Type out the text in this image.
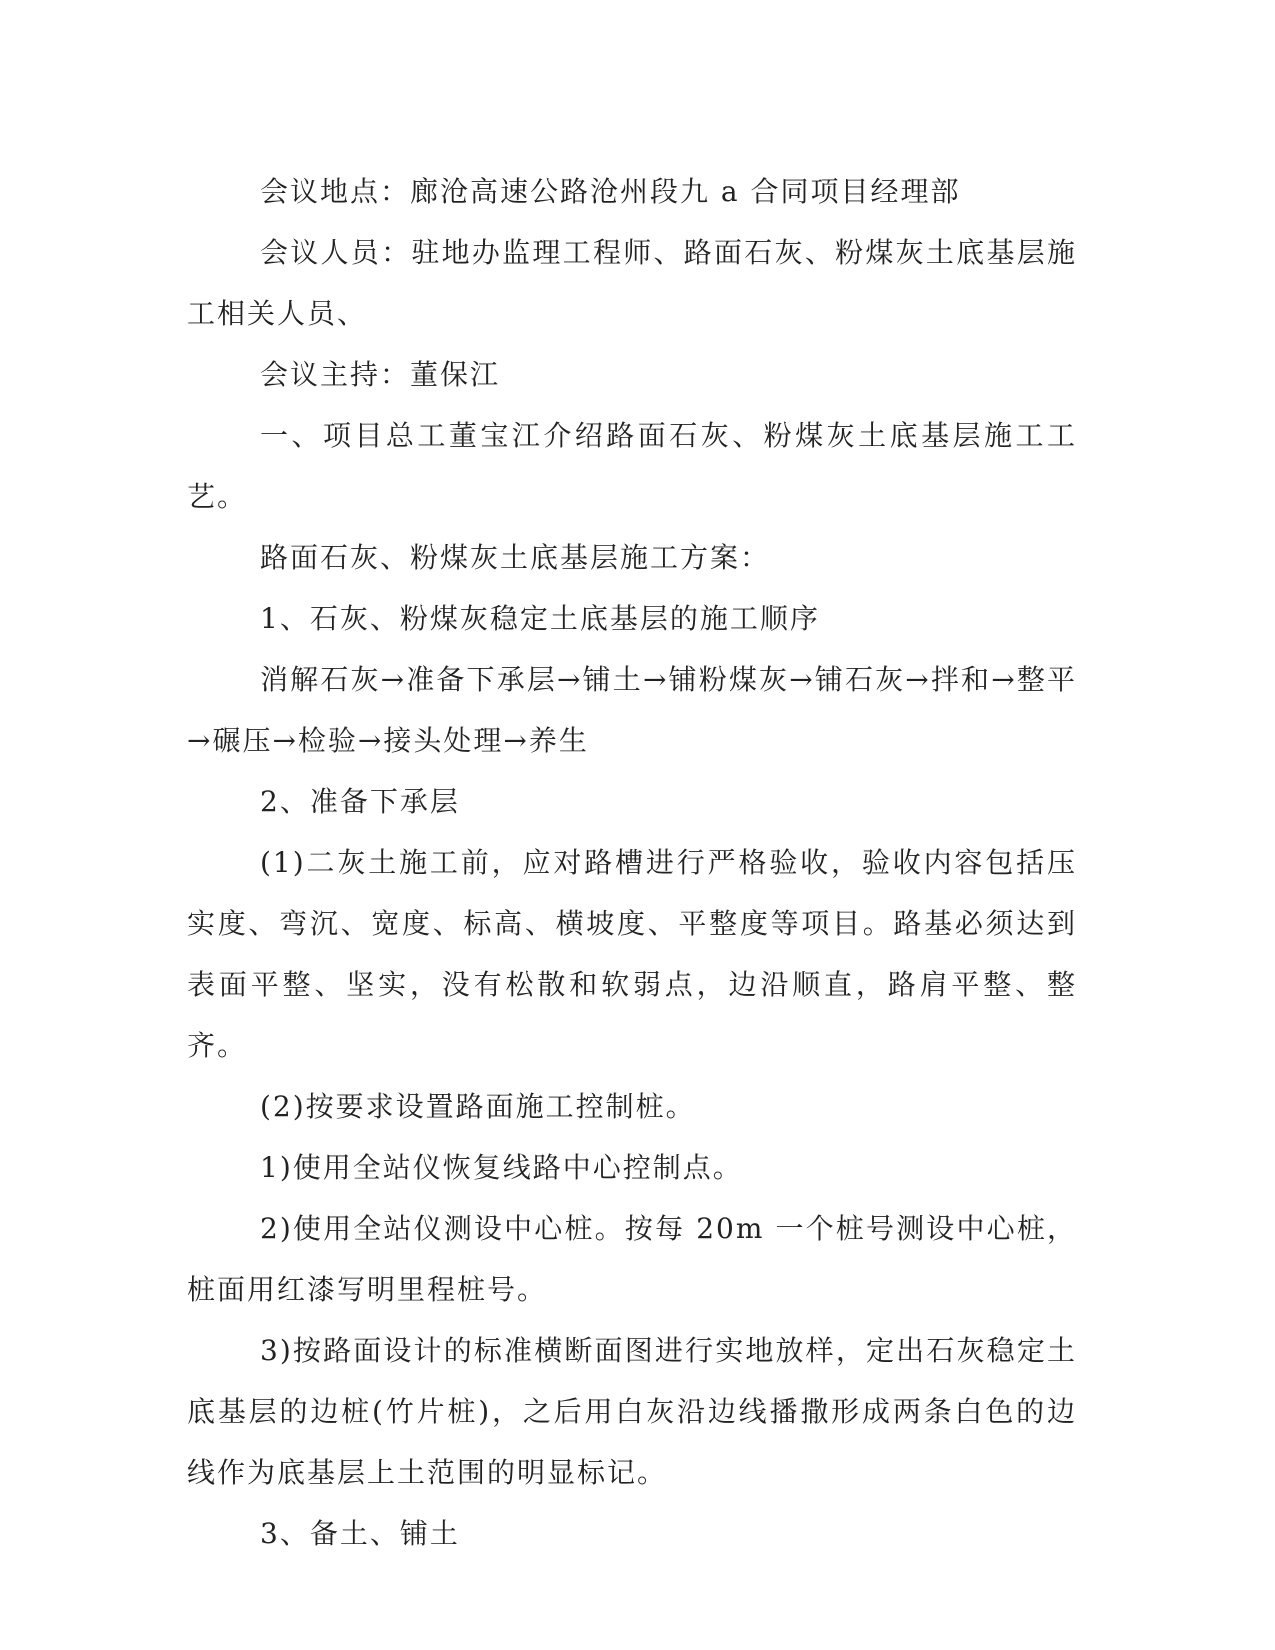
会议地点：廊沧高速公路沧州段九 a 合同项目经理部

会议人员：驻地办监理工程师、路面石灰、粉煤灰土底基层施工相关人员、

会议主持：董保江

一、项目总工董宝江介绍路面石灰、粉煤灰土底基层施工工艺。

路面石灰、粉煤灰土底基层施工方案：

1、石灰、粉煤灰稳定土底基层的施工顺序

消解石灰→准备下承层→铺土→铺粉煤灰→铺石灰→拌和→整平→碾压→检验→接头处理→养生

2、准备下承层

(1)二灰土施工前，应对路槽进行严格验收，验收内容包括压实度、弯沉、宽度、标高、横坡度、平整度等项目。路基必须达到表面平整、坚实，没有松散和软弱点，边沿顺直，路肩平整、整齐。

(2)按要求设置路面施工控制桩。

1)使用全站仪恢复线路中心控制点。

2)使用全站仪测设中心桩。按每 20m 一个桩号测设中心桩，桩面用红漆写明里程桩号。

3)按路面设计的标准横断面图进行实地放样，定出石灰稳定土底基层的边桩(竹片桩)，之后用白灰沿边线播撒形成两条白色的边线作为底基层上土范围的明显标记。

3、备土、铺土
